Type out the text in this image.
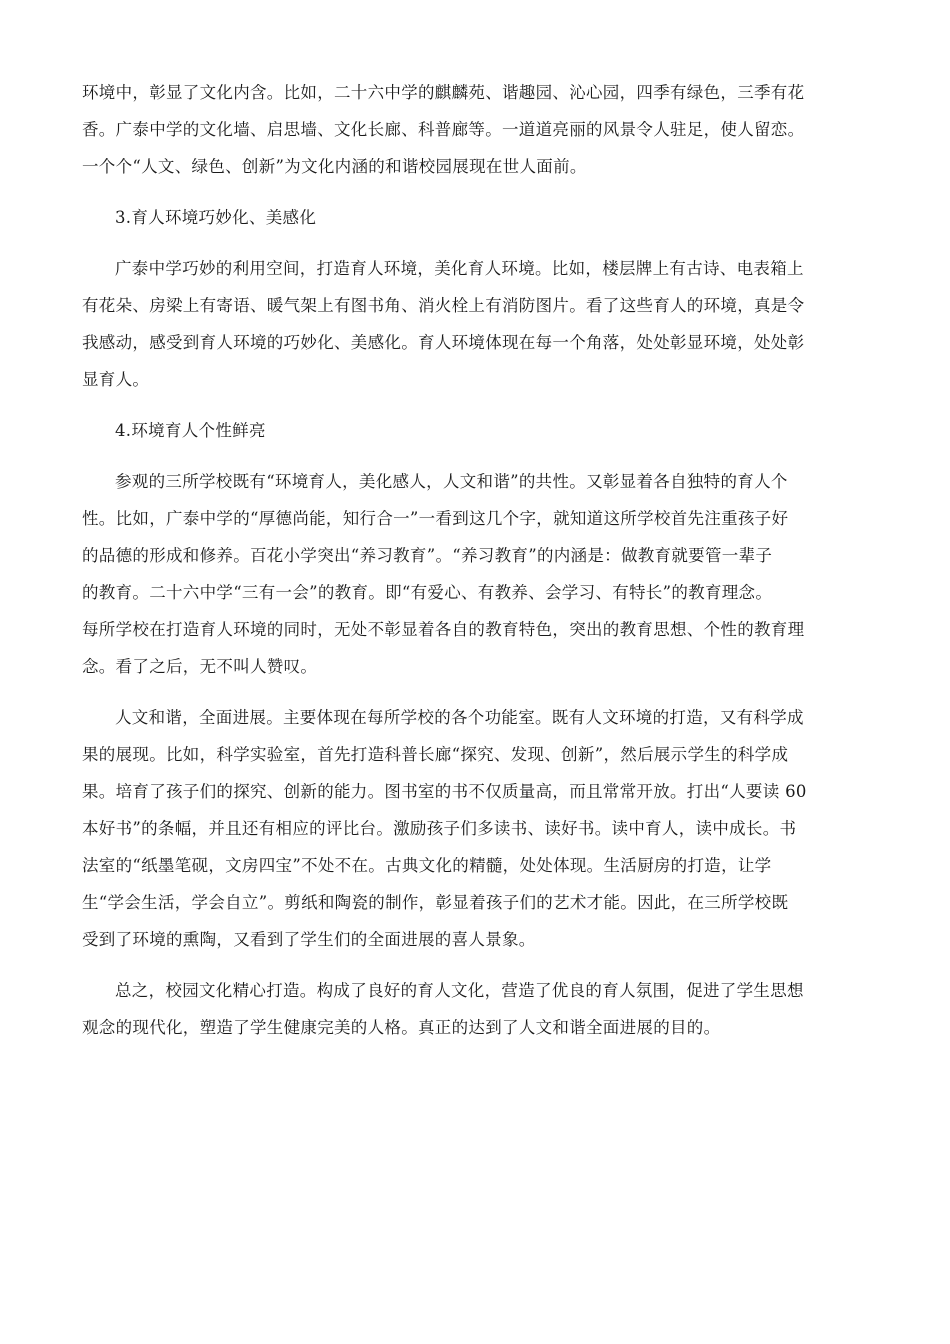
环境中，彰显了文化内含。比如，二十六中学的麒麟苑、谐趣园、沁心园，四季有绿色，三季有花
香。广泰中学的文化墙、启思墙、文化长廊、科普廊等。一道道亮丽的风景令人驻足，使人留恋。
一个个“人文、绿色、创新”为文化内涵的和谐校园展现在世人面前。
3.育人环境巧妙化、美感化
广泰中学巧妙的利用空间，打造育人环境，美化育人环境。比如，楼层牌上有古诗、电表箱上
有花朵、房梁上有寄语、暖气架上有图书角、消火栓上有消防图片。看了这些育人的环境，真是令
我感动，感受到育人环境的巧妙化、美感化。育人环境体现在每一个角落，处处彰显环境，处处彰
显育人。
4.环境育人个性鲜亮
参观的三所学校既有“环境育人，美化感人，人文和谐”的共性。又彰显着各自独特的育人个
性。比如，广泰中学的“厚德尚能，知行合一”一看到这几个字，就知道这所学校首先注重孩子好
的品德的形成和修养。百花小学突出“养习教育”。“养习教育”的内涵是：做教育就要管一辈子
的教育。二十六中学“三有一会”的教育。即“有爱心、有教养、会学习、有特长”的教育理念。
每所学校在打造育人环境的同时，无处不彰显着各自的教育特色，突出的教育思想、个性的教育理
念。看了之后，无不叫人赞叹。
人文和谐，全面进展。主要体现在每所学校的各个功能室。既有人文环境的打造，又有科学成
果的展现。比如，科学实验室，首先打造科普长廊“探究、发现、创新”，然后展示学生的科学成
果。培育了孩子们的探究、创新的能力。图书室的书不仅质量高，而且常常开放。打出“人要读 60
本好书”的条幅，并且还有相应的评比台。激励孩子们多读书、读好书。读中育人，读中成长。书
法室的“纸墨笔砚，文房四宝”不处不在。古典文化的精髓，处处体现。生活厨房的打造，让学
生“学会生活，学会自立”。剪纸和陶瓷的制作，彰显着孩子们的艺术才能。因此，在三所学校既
受到了环境的熏陶，又看到了学生们的全面进展的喜人景象。
总之，校园文化精心打造。构成了良好的育人文化，营造了优良的育人氛围，促进了学生思想
观念的现代化，塑造了学生健康完美的人格。真正的达到了人文和谐全面进展的目的。
